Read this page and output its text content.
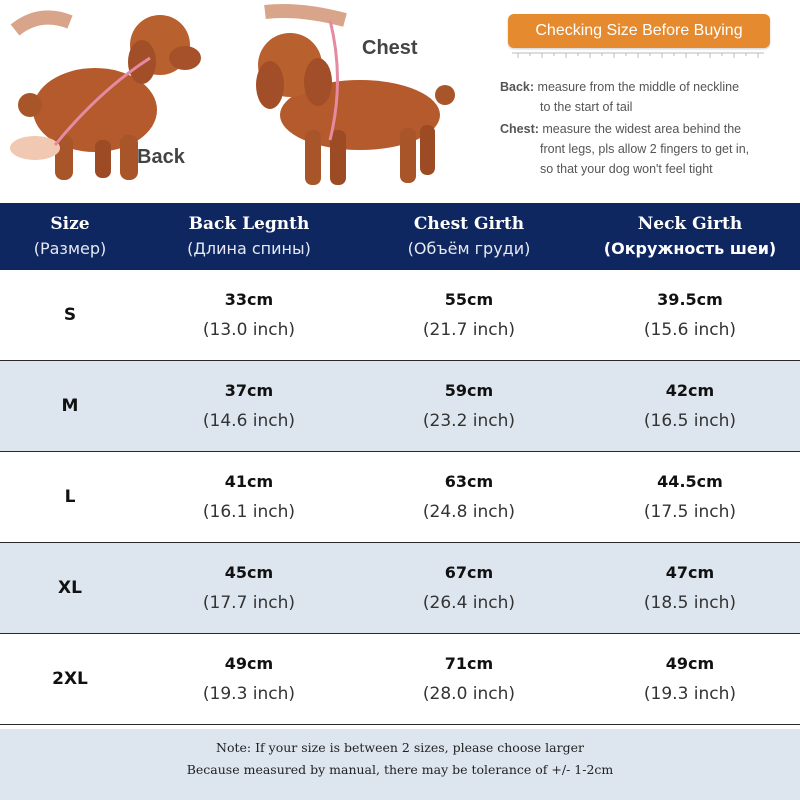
Back
Chest
Checking Size Before Buying
Back: measure from the middle of neckline
to the start of tail
Chest: measure the widest area behind the
front legs, pls allow 2 fingers to get in,
so that your dog won't feel tight
Size
(Размер)
Back Legnth
(Длина спины)
Chest Girth
(Объём груди)
Neck Girth
(Окружность шеи)
S
33cm
(13.0 inch)
55cm
(21.7 inch)
39.5cm
(15.6 inch)
M
37cm
(14.6 inch)
59cm
(23.2 inch)
42cm
(16.5 inch)
L
41cm
(16.1 inch)
63cm
(24.8 inch)
44.5cm
(17.5 inch)
XL
45cm
(17.7 inch)
67cm
(26.4 inch)
47cm
(18.5 inch)
2XL
49cm
(19.3 inch)
71cm
(28.0 inch)
49cm
(19.3 inch)
Note: If your size is between 2 sizes, please choose larger
Because measured by manual, there may be tolerance of +/- 1-2cm
